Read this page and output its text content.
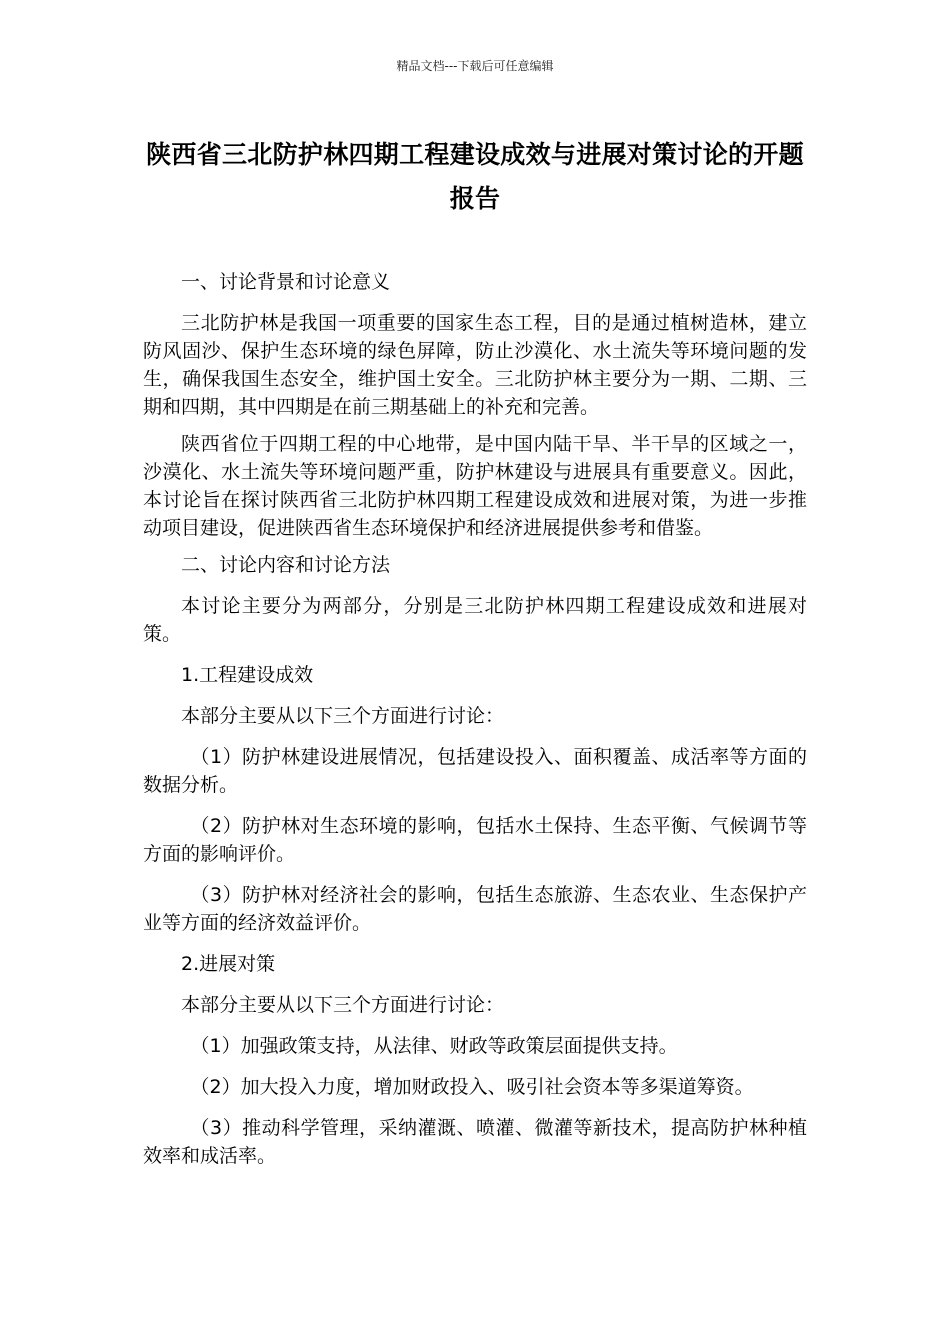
精品文档---下载后可任意编辑
陕西省三北防护林四期工程建设成效与进展对策讨论的开题报告

一、讨论背景和讨论意义

三北防护林是我国一项重要的国家生态工程，目的是通过植树造林，建立防风固沙、保护生态环境的绿色屏障，防止沙漠化、水土流失等环境问题的发生，确保我国生态安全，维护国土安全。三北防护林主要分为一期、二期、三期和四期，其中四期是在前三期基础上的补充和完善。

陕西省位于四期工程的中心地带，是中国内陆干旱、半干旱的区域之一，沙漠化、水土流失等环境问题严重，防护林建设与进展具有重要意义。因此，本讨论旨在探讨陕西省三北防护林四期工程建设成效和进展对策，为进一步推动项目建设，促进陕西省生态环境保护和经济进展提供参考和借鉴。

二、讨论内容和讨论方法

本讨论主要分为两部分，分别是三北防护林四期工程建设成效和进展对策。

1.工程建设成效

本部分主要从以下三个方面进行讨论：

（1）防护林建设进展情况，包括建设投入、面积覆盖、成活率等方面的数据分析。

（2）防护林对生态环境的影响，包括水土保持、生态平衡、气候调节等方面的影响评价。

（3）防护林对经济社会的影响，包括生态旅游、生态农业、生态保护产业等方面的经济效益评价。

2.进展对策

本部分主要从以下三个方面进行讨论：

（1）加强政策支持，从法律、财政等政策层面提供支持。

（2）加大投入力度，增加财政投入、吸引社会资本等多渠道筹资。

（3）推动科学管理，采纳灌溉、喷灌、微灌等新技术，提高防护林种植效率和成活率。
